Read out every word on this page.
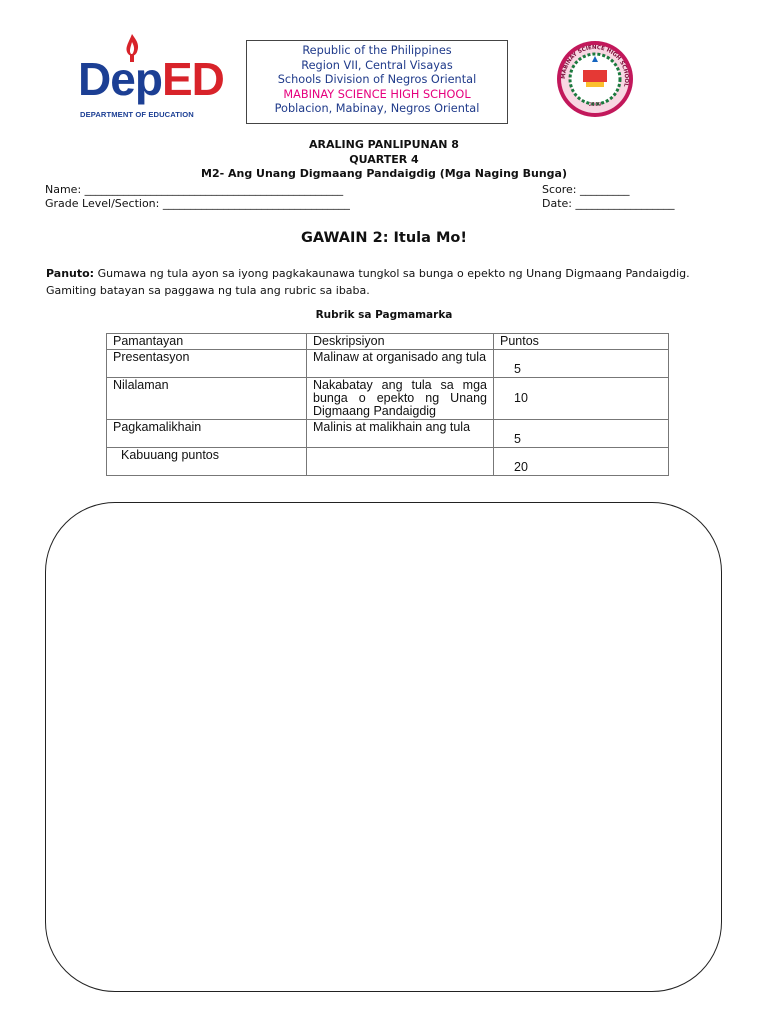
DepED
DEPARTMENT OF EDUCATION
Republic of the Philippines
Region VII, Central Visayas
Schools Division of Negros Oriental
MABINAY SCIENCE HIGH SCHOOL
Poblacion, Mabinay, Negros Oriental
MABINAY SCIENCE HIGH SCHOOL
2009
ARALING PANLIPUNAN 8
QUARTER 4
M2- Ang Unang Digmaang Pandaigdig (Mga Naging Bunga)
Name: _______________________________________________
Grade Level/Section: __________________________________
Score: _________
Date: __________________
GAWAIN 2: Itula Mo!
Panuto: Gumawa ng tula ayon sa iyong pagkakaunawa tungkol sa bunga o epekto ng Unang Digmaang Pandaigdig. Gamiting batayan sa paggawa ng tula ang rubric sa ibaba.
Rubrik sa Pagmamarka
Pamantayan	Deskripsiyon	Puntos
Presentasyon	Malinaw at organisado ang tula	5

Nilalaman	Nakabatay ang tula sa mga bunga o epekto ng Unang Digmaang Pandaigdig	10

Pagkamalikhain	Malinis at malikhain ang tula	5

Kabuuang puntos		20
